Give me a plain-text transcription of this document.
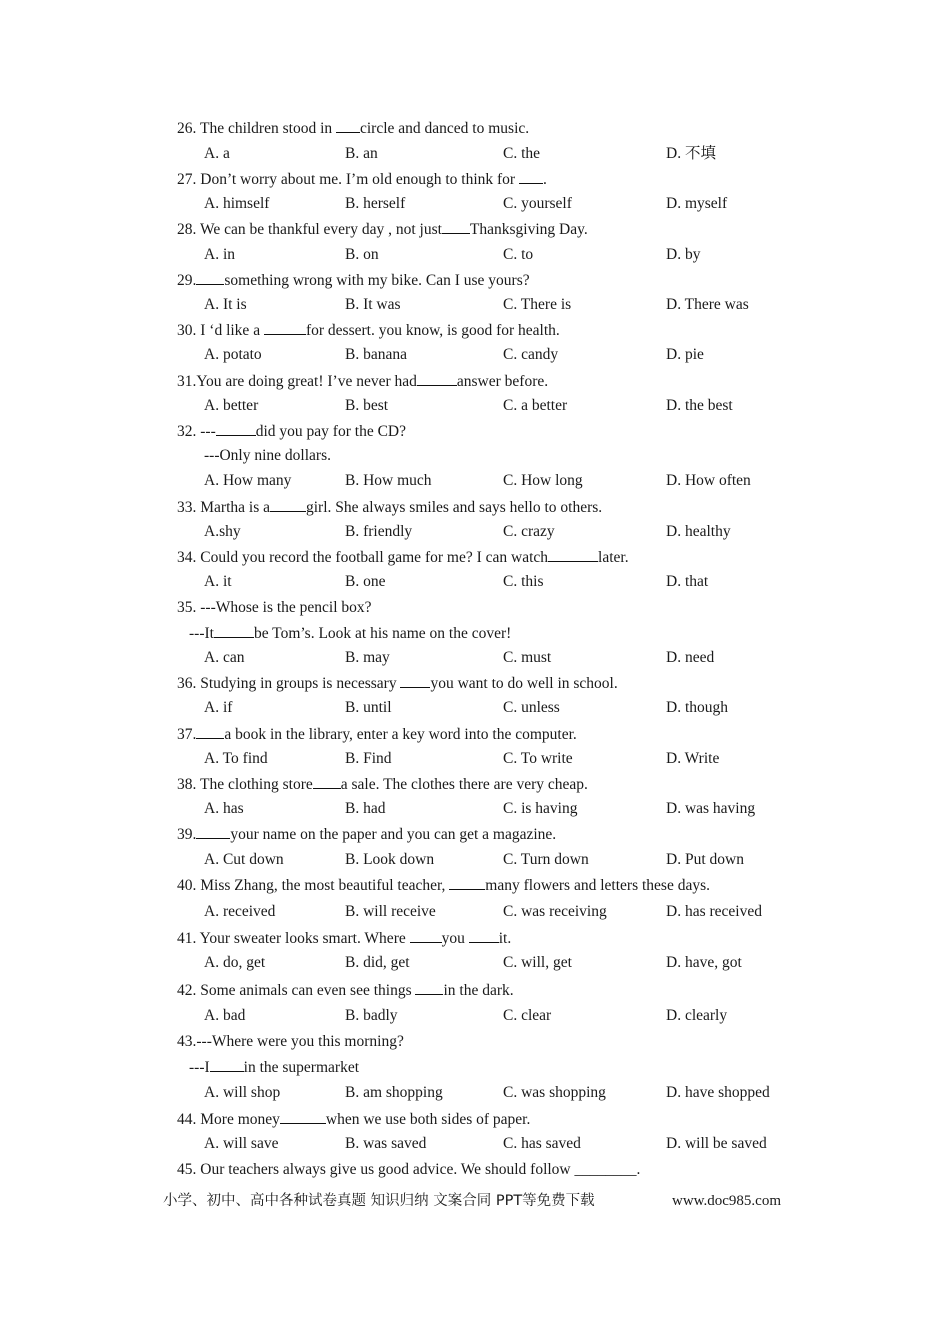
26. The children stood in circle and danced to music.
A. a	B. an	C. the	D. 不填
27. Don’t worry about me. I’m old enough to think for .
A. himself	B. herself	C. yourself	D. myself
28. We can be thankful every day , not just Thanksgiving Day.
A. in	B. on	C. to	D. by
29. something wrong with my bike. Can I use yours?
A. It is	B. It was	C. There is	D. There was
30. I ‘d like a	for dessert. you know, is good for health.
A. potato	B. banana	C. candy	D. pie
31.You are doing great! I’ve never had	answer before.
A. better	B. best	C. a better	D. the best
32. ---	did you pay for the CD?
---Only nine dollars.
A. How many	B. How much	C. How long	D. How often
33. Martha is a girl. She always smiles and says hello to others.
A.shy	B. friendly	C. crazy	D. healthy
34. Could you record the football game for me? I can watch	later.
A. it	B. one	C. this	D. that
35. ---Whose is the pencil box?
---It	be Tom’s. Look at his name on the cover!
A. can	B. may	C. must	D. need
36. Studying in groups is necessary you want to do well in school.
A. if	B. until	C. unless	D. though
37. a book in the library, enter a key word into the computer.
A. To find	B. Find	C. To write	D. Write
38. The clothing store a sale. The clothes there are very cheap.
A. has	B. had	C. is having	D. was having
39. your name on the paper and you can get a magazine.
A. Cut down	B. Look down	C. Turn down	D. Put down
40. Miss Zhang, the most beautiful teacher, many flowers and letters these days.
A. received	B. will receive	C. was receiving	D. has received
41. Your sweater looks smart. Where you it.
A. do, get	B. did, get	C. will, get	D. have, got
42. Some animals can even see things in the dark.
A. bad	B. badly	C. clear	D. clearly
43.---Where were you this morning?
---I in the supermarket
A. will shop	B. am shopping	C. was shopping	D. have shopped
44. More money	when we use both sides of paper.
A. will save	B. was saved	C. has saved	D. will be saved
45. Our teachers always give us good advice. We should follow ________.
小学、初中、高中各种试卷真题 知识归纳 文案合同 PPT等免费下载	www.doc985.com
